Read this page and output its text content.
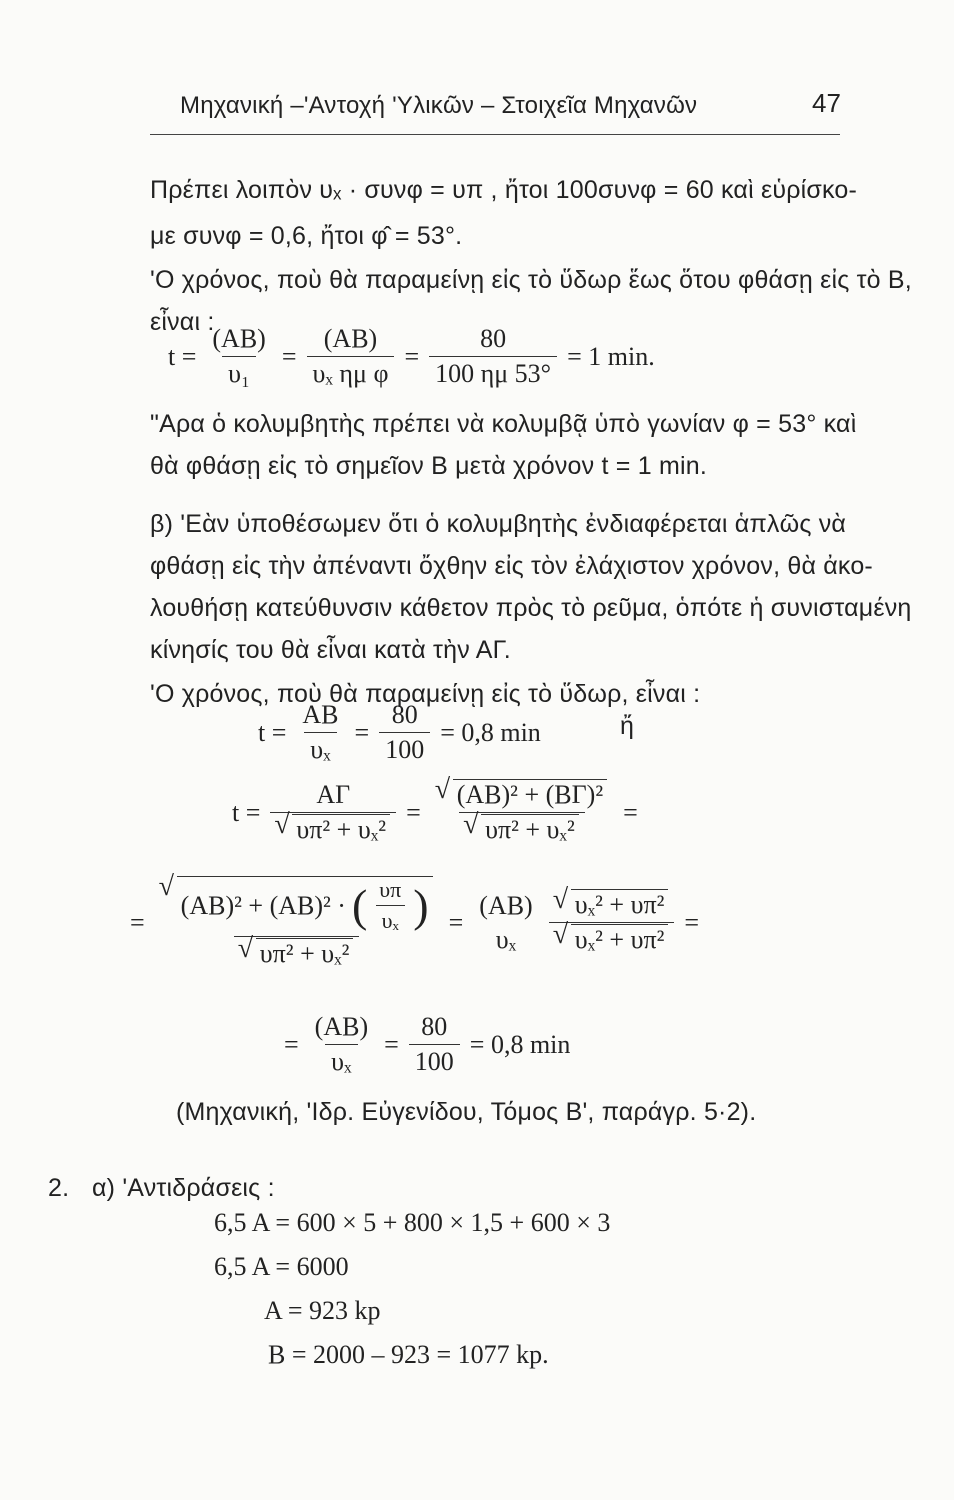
Μηχανική –'Αντοχή 'Υλικῶν – Στοιχεῖα Μηχανῶν	47
Πρέπει λοιπὸν υₓ · συνφ = υπ , ἤτοι 100συνφ = 60 καὶ εὑρίσκο-
με συνφ = 0,6, ἤτοι φ̂ = 53°.
'Ο χρόνος, ποὺ θὰ παραμείνῃ εἰς τὸ ὕδωρ ἕως ὅτου φθάσῃ εἰς τὸ Β,
εἶναι :
$t = \frac{(AB)}{\text{υ₁}} = \frac{(AB)}{\text{υₓ ημ φ}} = \frac{80}{100 \eta\mu 53^\circ} = 1$ min.
"Αρα ὁ κολυμβητὴς πρέπει νὰ κολυμβᾷ ὑπὸ γωνίαν φ = 53° καὶ
θὰ φθάσῃ εἰς τὸ σημεῖον Β μετὰ χρόνον t = 1 min.
β) 'Εὰν ὑποθέσωμεν ὅτι ὁ κολυμβητὴς ἐνδιαφέρεται ἁπλῶς νὰ
φθάσῃ εἰς τὴν ἀπέναντι ὄχθην εἰς τὸν ἐλάχιστον χρόνον, θὰ ἀκο-
λουθήσῃ κατεύθυνσιν κάθετον πρὸς τὸ ρεῦμα, ὁπότε ἡ συνισταμένη
κίνησίς του θὰ εἶναι κατὰ τὴν ΑΓ.
'Ο χρόνος, ποὺ θὰ παραμείνῃ εἰς τὸ ὕδωρ, εἶναι :
$t = \frac{AB}{\text{υₓ}} = \frac{80}{100} = 0,8$ min	ἤ
t = ΑΓ
√ υπ² + υₓ² = √ (ΑΒ)² + (ΒΓ)²
√ υπ² + υₓ² =
=
√ (ΑΒ)² + (ΑΒ)² · ( $\frac{\upsilon\pi}{\text{υₓ}}$ )
√ υπ² + υₓ²
=
(ΑΒ)
υₓ √ υₓ² + υπ²
√ υₓ² + υπ² =
= $\frac{(AB)}{\text{υₓ}} = \frac{80}{100} = 0,8$ min
(Μηχανική, 'Ιδρ. Εὐγενίδου, Τόμος Β', παράγρ. 5·2).
2. α) 'Αντιδράσεις :
6,5 Α = 600 × 5 + 800 × 1,5 + 600 × 3
6,5 Α = 6000
Α = 923 kp
Β = 2000 – 923 = 1077 kp.
